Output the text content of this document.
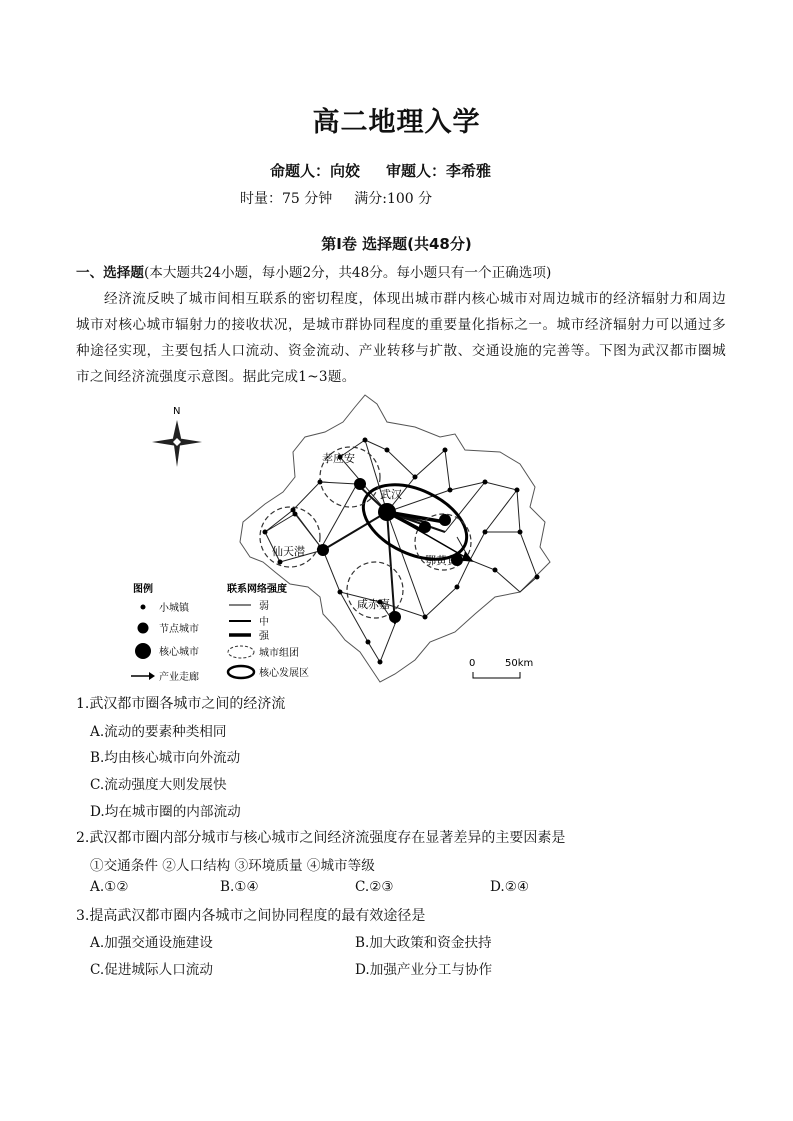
高二地理入学
命题人：向姣 审题人：李希雅
时量：75 分钟 满分:100 分
第Ⅰ卷 选择题(共48分)
一、选择题(本大题共24小题，每小题2分，共48分。每小题只有一个正确选项)

经济流反映了城市间相互联系的密切程度，体现出城市群内核心城市对周边城市的经济辐射力和周边城市对核心城市辐射力的接收状况，是城市群协同程度的重要量化指标之一。城市经济辐射力可以通过多种途径实现，主要包括人口流动、资金流动、产业转移与扩散、交通设施的完善等。下图为武汉都市圈城市之间经济流强度示意图。据此完成1~3题。

N
武汉
孝应安
仙天潜
鄂黄黄
咸赤嘉
图例
小城镇
节点城市
核心城市
产业走廊
联系网络强度
弱
中
强
城市组团
核心发展区
0	50km
1.武汉都市圈各城市之间的经济流
A.流动的要素种类相同
B.均由核心城市向外流动
C.流动强度大则发展快
D.均在城市圈的内部流动
2.武汉都市圈内部分城市与核心城市之间经济流强度存在显著差异的主要因素是
①交通条件 ②人口结构 ③环境质量 ④城市等级
A.①②	B.①④	C.②③	D.②④
3.提高武汉都市圈内各城市之间协同程度的最有效途径是
A.加强交通设施建设	B.加大政策和资金扶持
C.促进城际人口流动	D.加强产业分工与协作
